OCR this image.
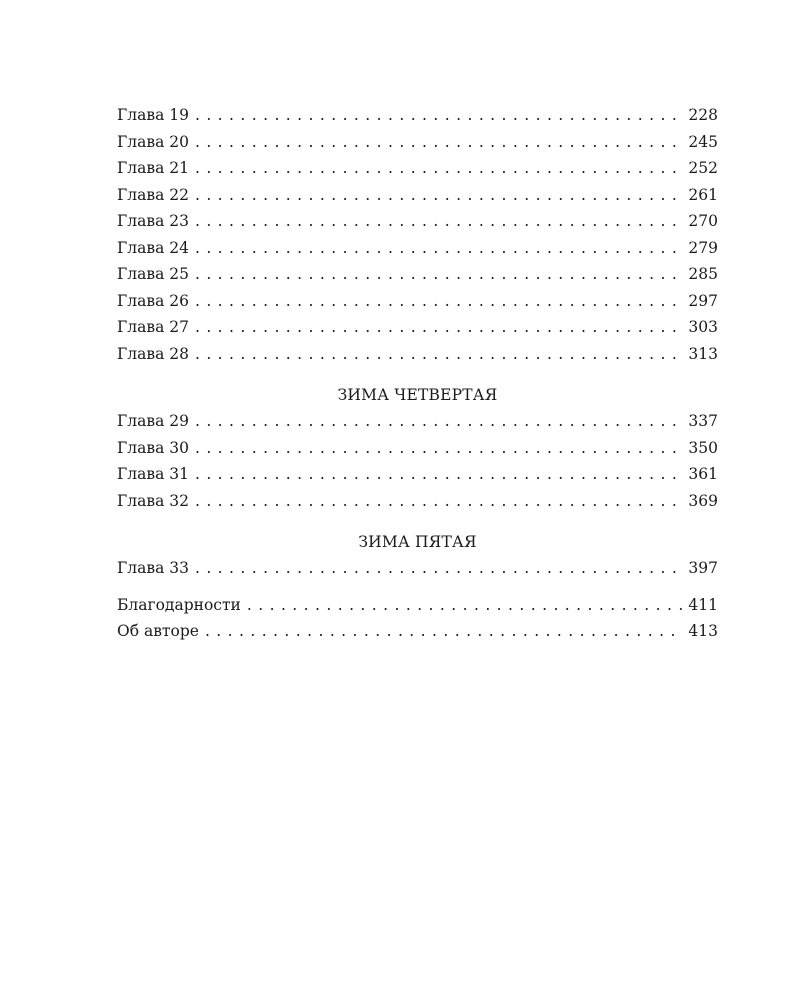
Глава 19 . . .	228
Глава 20 . . .	245
Глава 21 . . .	252
Глава 22 . . .	261
Глава 23 . . .	270
Глава 24 . . .	279
Глава 25 . . .	285
Глава 26 . . .	297
Глава 27 . . .	303
Глава 28 . . .	313
ЗИМА ЧЕТВЕРТАЯ
Глава 29 . . .	337
Глава 30 . . .	350
Глава 31 . . .	361
Глава 32 . . .	369
ЗИМА ПЯТАЯ
Глава 33 . . .	397
Благодарности . . .	411
Об авторе . . .	413
